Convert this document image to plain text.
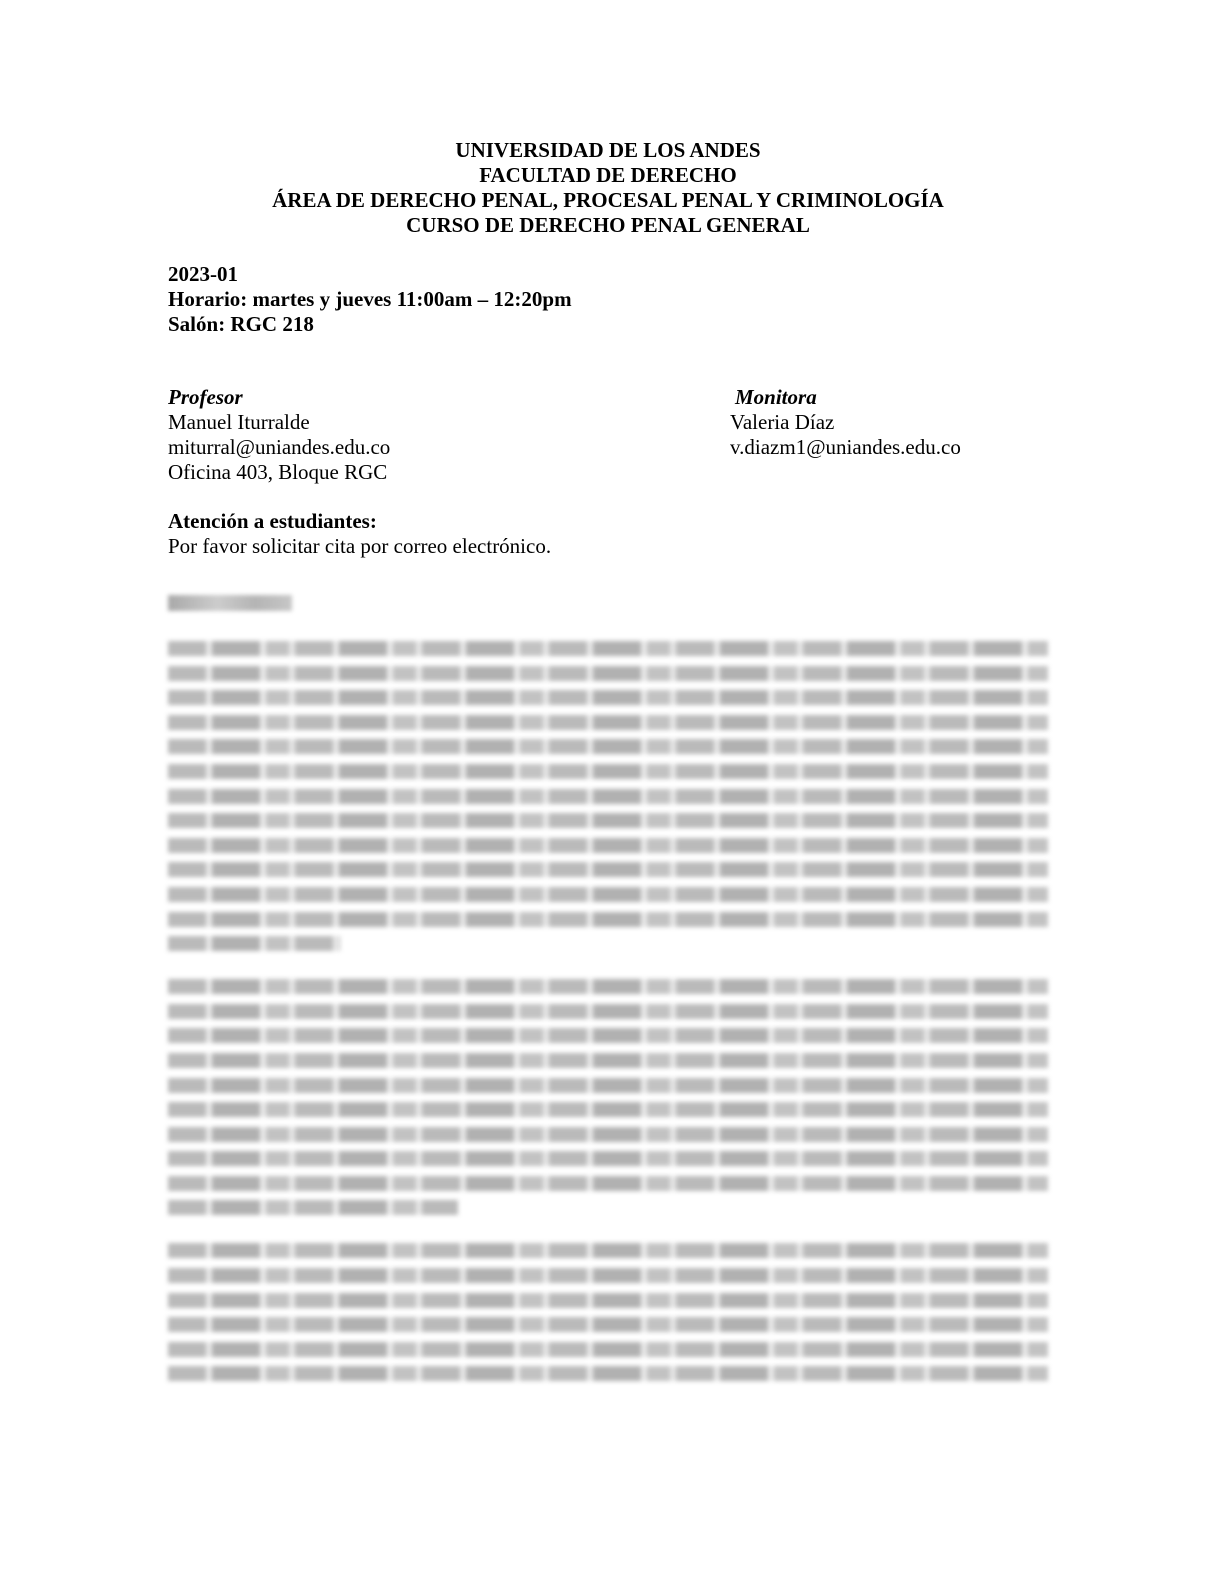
UNIVERSIDAD DE LOS ANDES
FACULTAD DE DERECHO
ÁREA DE DERECHO PENAL, PROCESAL PENAL Y CRIMINOLOGÍA
CURSO DE DERECHO PENAL GENERAL
2023-01
Horario: martes y jueves 11:00am – 12:20pm
Salón: RGC 218
Profesor
Manuel Iturralde
miturral@uniandes.edu.co
Oficina 403, Bloque RGC
Monitora
Valeria Díaz
v.diazm1@uniandes.edu.co
Atención a estudiantes:
Por favor solicitar cita por correo electrónico.
